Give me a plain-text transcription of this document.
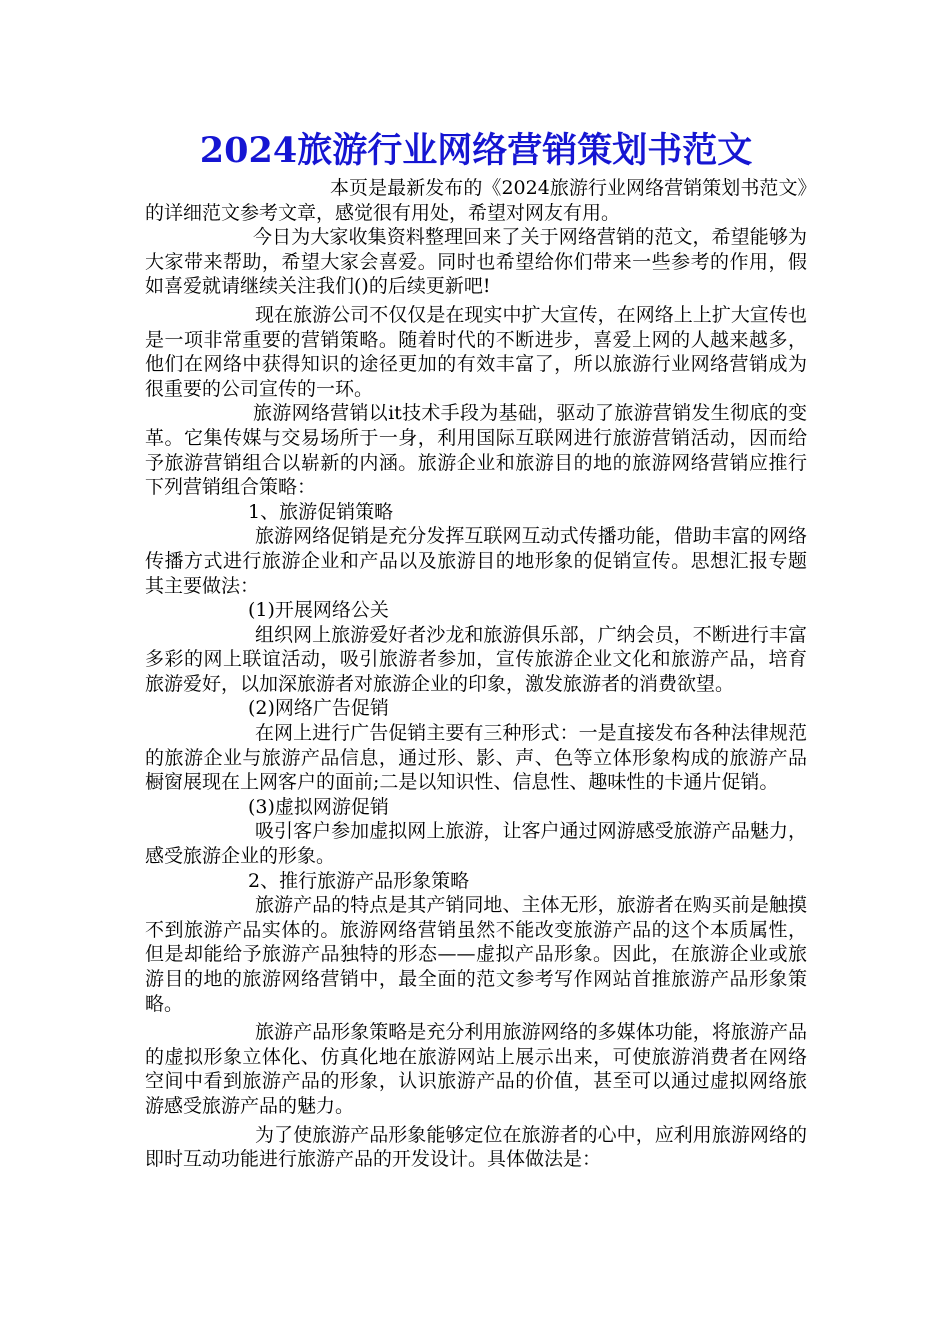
2024旅游行业网络营销策划书范文

本页是最新发布的《2024旅游行业网络营销策划书范文》的详细范文参考文章，感觉很有用处，希望对网友有用。

今日为大家收集资料整理回来了关于网络营销的范文，希望能够为大家带来帮助，希望大家会喜爱。同时也希望给你们带来一些参考的作用，假如喜爱就请继续关注我们()的后续更新吧!

现在旅游公司不仅仅是在现实中扩大宣传，在网络上上扩大宣传也是一项非常重要的营销策略。随着时代的不断进步，喜爱上网的人越来越多，他们在网络中获得知识的途径更加的有效丰富了，所以旅游行业网络营销成为很重要的公司宣传的一环。

旅游网络营销以it技术手段为基础，驱动了旅游营销发生彻底的变革。它集传媒与交易场所于一身，利用国际互联网进行旅游营销活动，因而给予旅游营销组合以崭新的内涵。旅游企业和旅游目的地的旅游网络营销应推行下列营销组合策略：

1、旅游促销策略

旅游网络促销是充分发挥互联网互动式传播功能，借助丰富的网络传播方式进行旅游企业和产品以及旅游目的地形象的促销宣传。思想汇报专题其主要做法：

(1)开展网络公关

组织网上旅游爱好者沙龙和旅游俱乐部，广纳会员，不断进行丰富多彩的网上联谊活动，吸引旅游者参加，宣传旅游企业文化和旅游产品，培育旅游爱好，以加深旅游者对旅游企业的印象，激发旅游者的消费欲望。

(2)网络广告促销

在网上进行广告促销主要有三种形式：一是直接发布各种法律规范的旅游企业与旅游产品信息，通过形、影、声、色等立体形象构成的旅游产品橱窗展现在上网客户的面前;二是以知识性、信息性、趣味性的卡通片促销。

(3)虚拟网游促销

吸引客户参加虚拟网上旅游，让客户通过网游感受旅游产品魅力，感受旅游企业的形象。

2、推行旅游产品形象策略

旅游产品的特点是其产销同地、主体无形，旅游者在购买前是触摸不到旅游产品实体的。旅游网络营销虽然不能改变旅游产品的这个本质属性，但是却能给予旅游产品独特的形态——虚拟产品形象。因此，在旅游企业或旅游目的地的旅游网络营销中，最全面的范文参考写作网站首推旅游产品形象策略。

旅游产品形象策略是充分利用旅游网络的多媒体功能，将旅游产品的虚拟形象立体化、仿真化地在旅游网站上展示出来，可使旅游消费者在网络空间中看到旅游产品的形象，认识旅游产品的价值，甚至可以通过虚拟网络旅游感受旅游产品的魅力。

为了使旅游产品形象能够定位在旅游者的心中，应利用旅游网络的即时互动功能进行旅游产品的开发设计。具体做法是：
